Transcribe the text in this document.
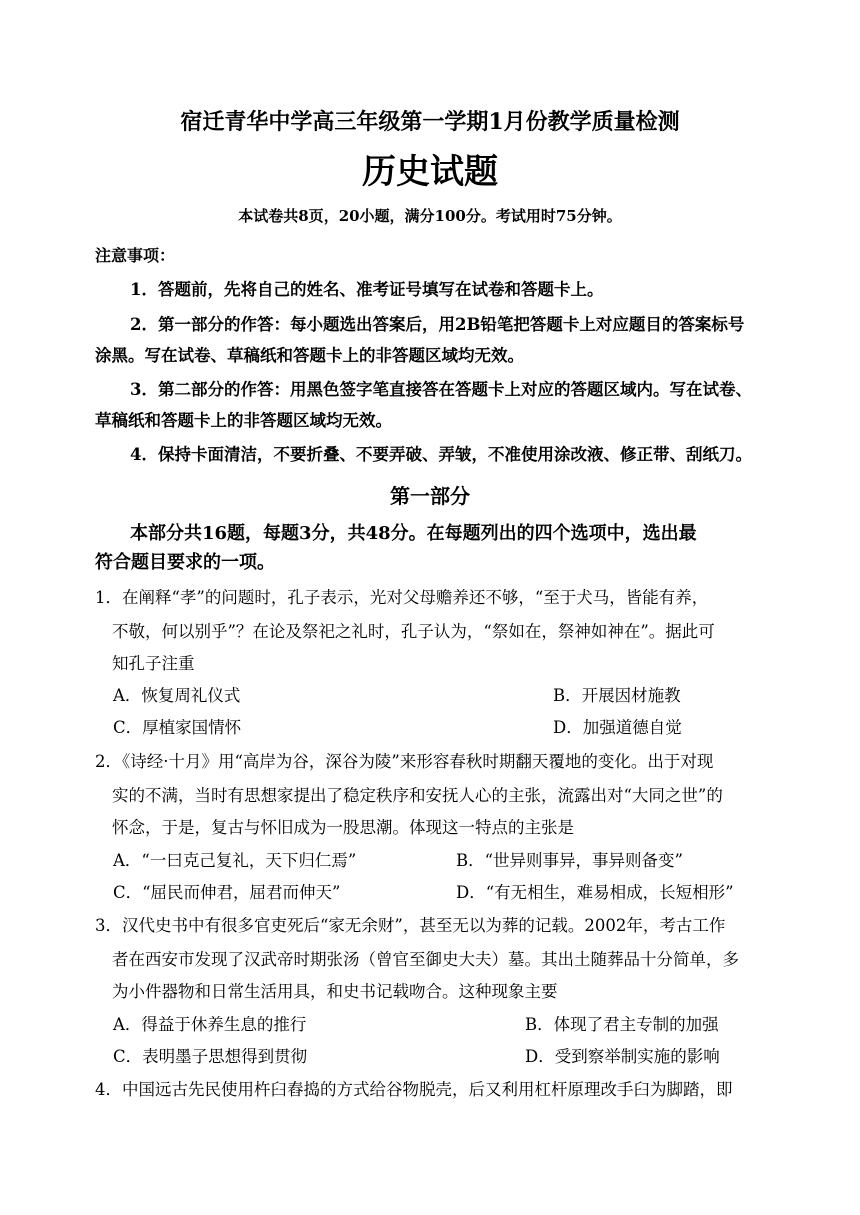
宿迁青华中学高三年级第一学期1月份教学质量检测
历史试题
本试卷共8页，20小题，满分100分。考试用时75分钟。
注意事项：
1．答题前，先将自己的姓名、准考证号填写在试卷和答题卡上。
2．第一部分的作答：每小题选出答案后，用2B铅笔把答题卡上对应题目的答案标号
涂黑。写在试卷、草稿纸和答题卡上的非答题区域均无效。
3．第二部分的作答：用黑色签字笔直接答在答题卡上对应的答题区域内。写在试卷、
草稿纸和答题卡上的非答题区域均无效。
4．保持卡面清洁，不要折叠、不要弄破、弄皱，不准使用涂改液、修正带、刮纸刀。
第一部分
本部分共16题，每题3分，共48分。在每题列出的四个选项中，选出最
符合题目要求的一项。
1．在阐释“孝”的问题时，孔子表示，光对父母赡养还不够，“至于犬马，皆能有养，
不敬，何以别乎”？在论及祭祀之礼时，孔子认为，“祭如在，祭神如神在”。据此可
知孔子注重
A．恢复周礼仪式	B．开展因材施教
C．厚植家国情怀	D．加强道德自觉
2．《诗经·十月》用“高岸为谷，深谷为陵”来形容春秋时期翻天覆地的变化。出于对现
实的不满，当时有思想家提出了稳定秩序和安抚人心的主张，流露出对“大同之世”的
怀念，于是，复古与怀旧成为一股思潮。体现这一特点的主张是
A．“一曰克己复礼，天下归仁焉”	B．“世异则事异，事异则备变”
C．“屈民而伸君，屈君而伸天”	D．“有无相生，难易相成，长短相形”
3．汉代史书中有很多官吏死后“家无余财”，甚至无以为葬的记载。2002年，考古工作
者在西安市发现了汉武帝时期张汤（曾官至御史大夫）墓。其出土随葬品十分简单，多
为小件器物和日常生活用具，和史书记载吻合。这种现象主要
A．得益于休养生息的推行	B．体现了君主专制的加强
C．表明墨子思想得到贯彻	D．受到察举制实施的影响
4．中国远古先民使用杵臼舂捣的方式给谷物脱壳，后又利用杠杆原理改手臼为脚踏，即
